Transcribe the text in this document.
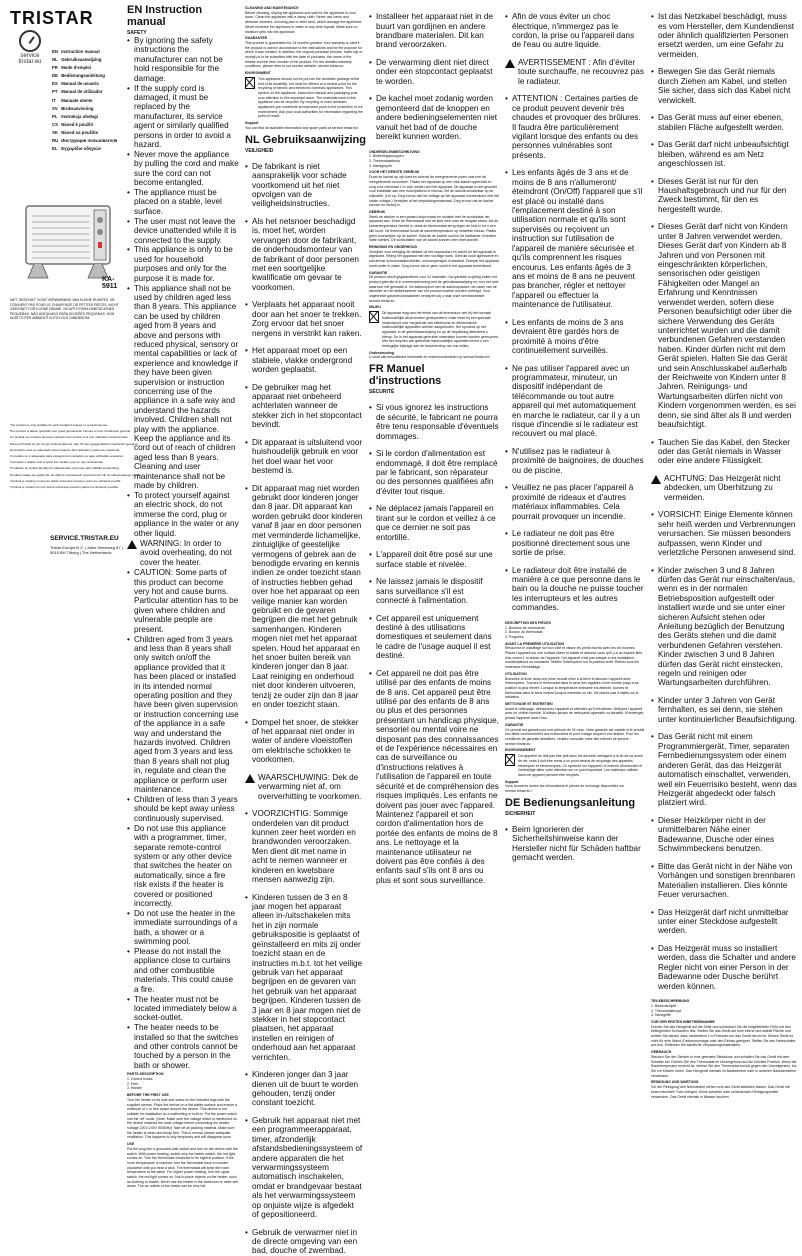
TRISTAR
service
tristar.eu
EN Instruction manual
NL Gebruiksaanwijzing
FR Mode d'emploi
DE Bedienungsanleitung
ES Manual de usuario
PT Manual de utilizador
IT Manuale utente
SV Bruksanvisning
PL Instrukcja obsługi
CS Návod k použití
SK Návod na použitie
RU Инструкция пользователя
EL Εγχειρίδιο οδηγιών
KA-5911
NIET GESCHIKT VOOR VERWARMING VAN KLEINE RUIMTES. NE CONVIENT PAS POUR LE CHAUFFAGE DE PETITES PIÈCES. NICHT GEEIGNET FÜR KLEINE RÄUME. NO APTO PARA HABITACIONES PEQUEÑAS. NÃO ADEQUADO PARA DIVISÕES PEQUENAS. NON ADATTO PER AMBIENTI DI PICCOLE DIMENSIONI.

The product is only suitable for well insulated spaces or occasional use.

Het product is alleen geschikt voor goed geïsoleerde ruimtes of voor incidenteel gebruik.

Ce produit ne convient qu'à des espaces bien isolés ou à une utilisation occasionnelle.

Dieses Produkt ist nur für gut isolierte Räume oder für den gelegentlichen Gebrauch geeignet.

El producto solo es adecuado para espacios bien aislados o para uso ocasional.

O produto só é adequado para espaços bem isolados ou para utilização ocasional.

Il prodotto è adatto solo a spazi ben isolati o per un uso occasionale.

Produkten är endast lämplig för välisolerade utrymmen eller tillfällig användning.

Produkt nadaje się wyłącznie do dobrze izolowanych pomieszczeń lub do okazjonalnego użytku.

Výrobek je vhodný pouze pro dobře izolované prostory nebo pro občasné použití.

Výrobok je vhodný len pre dobre izolované priestory alebo na občasné použitie.

SERVICE.TRISTAR.EU
Tristar Europe B.V. | Jules Verneweg 87 | 5015 BH Tilburg | The Netherlands
EN Instruction manual
SAFETY

• By ignoring the safety instructions the manufacturer can not be hold responsible for the damage.

• If the supply cord is damaged, it must be replaced by the manufacturer, its service agent or similarly qualified persons in order to avoid a hazard.

• Never move the appliance by pulling the cord and make sure the cord can not become entangled.

• The appliance must be placed on a stable, level surface.

• The user must not leave the device unattended while it is connected to the supply.

• This appliance is only to be used for household purposes and only for the purpose it is made for.

• This appliance shall not be used by children aged less than 8 years. This appliance can be used by children aged from 8 years and above and persons with reduced physical, sensory or mental capabilities or lack of experience and knowledge if they have been given supervision or instruction concerning use of the appliance in a safe way and understand the hazards involved. Children shall not play with the appliance. Keep the appliance and its cord out of reach of children aged less than 8 years. Cleaning and user maintenance shall not be made by children.

• To protect yourself against an electric shock, do not immerse the cord, plug or appliance in the water or any other liquid.

WARNING: In order to avoid overheating, do not cover the heater.

• CAUTION: Some parts of this product can become very hot and cause burns. Particular attention has to be given where children and vulnerable people are present.

• Children aged from 3 years and less than 8 years shall only switch on/off the appliance provided that it has been placed or installed in its intended normal operating position and they have been given supervision or instruction concerning use of the appliance in a safe way and understand the hazards involved. Children aged from 3 years and less than 8 years shall not plug in, regulate and clean the appliance or perform user maintenance.

• Children of less than 3 years should be kept away unless continuously supervised.

• Do not use this appliance with a programmer, timer, separate remote-control system or any other device that switches the heater on automatically, since a fire risk exists if the heater is covered or positioned incorrectly.

• Do not use the heater in the immediate surroundings of a bath, a shower or a swimming pool.

• Please do not install the appliance close to curtains and other combustible materials. This could cause a fire.

• The heater must not be located immediately below a socket-outlet.

• The heater needs to be installed so that the switches and other controls cannot be touched by a person in the bath or shower.

PARTS DESCRIPTION
1. Control knobs
2. Feet
3. Handle
BEFORE THE FIRST USE
Turn the heater on its side and screw on the included legs with the supplied screws. Place the device on a flat stable surface and ensure a minimum of 1 m free space around the device. This device is not suitable for installation on a wall/ceiling or built-in. Put the power switch into the 'off' mode. (Note: Make sure the voltage which is mentioned on the device matches the local voltage before connecting the heater. Voltage 220V-240V 50/60Hz) Take off all packing material. Make sure the heater is clean and dusty-free. This is normal, please adequate ventilation. This happens is only temporary and will disappear soon.
USE
Put the plug into a grounded wall socket and turn on the device with the switch. With power heating, switch only the heater switch, the red light comes on. Turn the thermostat clockwise to its highest position. If the room temperature is reached, turn the thermostat back to counter clockwise until you hear a click. The thermostat will keep the room temperature at the same. For higher power heating, turn the upper switch, the red light comes on. Not to place objects on the heater, such as clothing or towels. Never use the heater in the bathroom or other wet areas. The air outlets of the heater can be very hot.
CLEANING AND MAINTENANCE
Before cleaning, unplug the appliance and wait for the appliance to cool down. Clean the appliance with a damp cloth. Never use harsh and abrasive cleaners, scouring pad or steel wool, which damage the appliance. Never immerse the appliance in water or any other liquids. Make sure no moisture gets into the appliance.
GUARANTEE
This product is guaranteed for 24 months granted. Your warranty is valid if the product is used in accordance to the instructions and for the purpose for which it was created. In addition, the original purchase (invoice, sales slip or receipt) is to be submitted with the date of purchase, the name of the retailer and the item number of the product. For the detailed warranty conditions, please refer to our service website: service.tristar.eu
ENVIRONMENT
This appliance should not be put into the domestic garbage at the end of its durability, but must be offered at a central point for the recycling of electric and electronic domestic appliances. This symbol on the appliance, instruction manual and packaging puts your attention to this important issue. The materials used in this appliance can be recycled. By recycling of used domestic appliances you contribute an important push to the protection of our environment. Ask your local authorities for information regarding the point of recall.
Support
You can find all available information and spare parts at service.tristar.eu!
NL Gebruiksaanwijzing
VEILIGHEID

• De fabrikant is niet aansprakelijk voor schade voortkomend uit het niet opvolgen van de veiligheidsinstructies.

• Als het netsnoer beschadigd is, moet het, worden vervangen door de fabrikant, de onderhoudsmonteur van de fabrikant of door personen met een soortgelijke kwalificatie om gevaar te voorkomen.

• Verplaats het apparaat nooit door aan het snoer te trekken. Zorg ervoor dat het snoer nergens in verstrikt kan raken.

• Het apparaat moet op een stabiele, vlakke ondergrond worden geplaatst.

• De gebruiker mag het apparaat niet onbeheerd achterlaten wanneer de stekker zich in het stopcontact bevindt.

• Dit apparaat is uitsluitend voor huishoudelijk gebruik en voor het doel waar het voor bestemd is.

• Dit apparaat mag niet worden gebruikt door kinderen jonger dan 8 jaar. Dit apparaat kan worden gebruikt door kinderen vanaf 8 jaar en door personen met verminderde lichamelijke, zintuiglijke of geestelijke vermogens of gebrek aan de benodigde ervaring en kennis indien ze onder toezicht staan of instructies hebben gehad over hoe het apparaat op een veilige manier kan worden gebruikt en de gevaren begrijpen die met het gebruik samenhangen. Kinderen mogen niet met het apparaat spelen. Houd het apparaat en het snoer buiten bereik van kinderen jonger dan 8 jaar. Laat reiniging en onderhoud niet door kinderen uitvoeren, tenzij ze ouder zijn dan 8 jaar en onder toezicht staan.

• Dompel het snoer, de stekker of het apparaat niet onder in water of andere vloeistoffen om elektrische schokken te voorkomen.

WAARSCHUWING: Dek de verwarming niet af, om oververhitting te voorkomen.

• VOORZICHTIG: Sommige onderdelen van dit product kunnen zeer heet worden en brandwonden veroorzaken. Men dient dit met name in acht te nemen wanneer er kinderen en kwetsbare mensen aanwezig zijn.

• Kinderen tussen de 3 en 8 jaar mogen het apparaat alleen in-/uitschakelen mits het in zijn normale gebruikspositie is geplaatst of geïnstalleerd en mits zij onder toezicht staan en de instructies m.b.t. tot het veilige gebruik van het apparaat begrijpen en de gevaren van het gebruik van het apparaat begrijpen. Kinderen tussen de 3 jaar en 8 jaar mogen niet de stekker in het stopcontact plaatsen, het apparaat instellen en reinigen of onderhoud aan het apparaat verrichten.

• Kinderen jonger dan 3 jaar dienen uit de buurt te worden gehouden, tenzij onder constant toezicht.

• Gebruik het apparaat niet met een programmeerapparaat, timer, afzonderlijk afstandsbedieningssysteem of andere apparaten die het verwarmingssysteem automatisch inschakelen, omdat er brandgevaar bestaat als het verwarmingssysteem op onjuiste wijze is afgedekt of gepositioneerd.

• Gebruik de verwarmer niet in de directe omgeving van een bad, douche of zwembad.

• Installeer het apparaat niet in de buurt van gordijnen en andere brandbare materialen. Dit kan brand veroorzaken.

• De verwarming dient niet direct onder een stopcontact geplaatst te worden.

• De kachel moet zodanig worden gemonteerd dat de knoppen en andere bedieningselementen niet vanuit het bad of de douche bereikt kunnen worden.

ONDERDELENBESCHRIJVING
1. Bedieningsknoppen
2. Thermostaatknop
3. Handgrepen
VOOR HET EERSTE GEBRUIK
Draai de kachel op zijn kant en schroef de meegeleverde poten vast met de meegeleverde schroeven. Plaats het apparaat op een vlak stabiel oppervlak en zorg voor minimaal 1 m vrije ruimte rond het apparaat. Dit apparaat is niet geschikt voor installatie aan een muur/plafond of inbouw. Zet de aan/uit-schakelaar op de uitpositie. (Let op: Zorg ervoor dat het voltage op het apparaat overeenkomt met het lokale voltage.) Verwijder al het verpakkingsmateriaal. Zorg ervoor dat de kachel schoon en stofvrij is.
GEBRUIK
Steek de stekker in een geaard stopcontact en schakel met de schakelaar het apparaat aan. Draai de thermostaat met de klok mee naar de hoogste stand. Als de kamertemperatuur bereikt is, draai de thermostaat terug tegen de klok in tot u een klik hoort. De thermostaat houdt de kamertemperatuur op hetzelfde niveau. Plaats geen voorwerpen op de kachel. Gebruik de kachel nooit in de badkamer of andere natte ruimtes. De luchtuitlaten van de kachel kunnen zeer heet worden.
REINIGING EN ONDERHOUD
Verwijder voor reiniging de stekker uit het stopcontact en wacht tot het apparaat is afgekoeld. Reinig het apparaat met een vochtige doek. Gebruik nooit agressieve en schurende schoonmaakmiddelen, schuursponsjes of staalwol. Dompel het apparaat nooit onder in water. Zorg ervoor dat er geen vocht in het apparaat terechtkomt.
GARANTIE
Dit product wordt gegarandeerd voor 24 maanden. Uw garantie is geldig indien het product gebruikt is in overeenstemming met de gebruiksaanwijzing en voor het doel waarvoor het gemaakt is. De aankoopbon met de aankoopdatum, de naam van de winkelier en het artikelnummer van het product moeten worden overlegd. Voor uitgebreide garantievoorwaarden verwijzen wij u naar onze servicewebsite: service.tristar.eu
MILIEU
Dit apparaat mag aan het einde van de levensduur niet bij het normale huishoudelijke afval worden gedeponeerd, maar moet bij een speciaal inzamelpunt voor hergebruik van elektrische en elektronische huishoudelijke apparaten worden aangeboden. Het symbool op het apparaat, in de gebruiksaanwijzing en op de verpakking attendeert u hierop. De in het apparaat gebruikte materialen kunnen worden gerecycled. Met het recyclen van gebruikte huishoudelijke apparaten levert u een belangrijke bijdrage aan de bescherming van ons milieu.
Ondersteuning
U vindt alle beschikbare informatie en reserveonderdelen op service.tristar.eu!
FR Manuel d'instructions
SÉCURITÉ

• Si vous ignorez les instructions de sécurité, le fabricant ne pourra être tenu responsable d'éventuels dommages.

• Si le cordon d'alimentation est endommagé, il doit être remplacé par le fabricant, son réparateur ou des personnes qualifiées afin d'éviter tout risque.

• Ne déplacez jamais l'appareil en tirant sur le cordon et veillez à ce que ce dernier ne soit pas entortillé.

• L'appareil doit être posé sur une surface stable et nivelée.

• Ne laissez jamais le dispositif sans surveillance s'il est connecté à l'alimentation.

• Cet appareil est uniquement destiné à des utilisations domestiques et seulement dans le cadre de l'usage auquel il est destiné.

• Cet appareil ne doit pas être utilisé par des enfants de moins de 8 ans. Cet appareil peut être utilisé par des enfants de 8 ans ou plus et des personnes présentant un handicap physique, sensoriel ou mental voire ne disposant pas des connaissances et de l'expérience nécessaires en cas de surveillance ou d'instructions relatives à l'utilisation de l'appareil en toute sécurité et de compréhension des risques impliqués. Les enfants ne doivent pas jouer avec l'appareil. Maintenez l'appareil et son cordon d'alimentation hors de portée des enfants de moins de 8 ans. Le nettoyage et la maintenance utilisateur ne doivent pas être confiés à des enfants sauf s'ils ont 8 ans ou plus et sont sous surveillance.

• Afin de vous éviter un choc électrique, n'immergez pas le cordon, la prise ou l'appareil dans de l'eau ou autre liquide.

AVERTISSEMENT : Afin d'éviter toute surchauffe, ne recouvrez pas le radiateur.

• ATTENTION : Certaines parties de ce produit peuvent devenir très chaudes et provoquer des brûlures. Il faudra être particulièrement vigilant lorsque des enfants ou des personnes vulnérables sont présents.

• Les enfants âgés de 3 ans et de moins de 8 ans n'allumeront/éteindront (On/Off) l'appareil que s'il est placé ou installé dans l'emplacement destiné à son utilisation normale et qu'ils sont supervisés ou reçoivent un instruction sur l'utilisation de l'appareil de manière sécurisée et qu'ils comprennent les risques encourus. Les enfants âgés de 3 ans et moins de 8 ans ne peuvent pas brancher, régler et nettoyer l'appareil ou effectuer la maintenance de l'utilisateur.

• Les enfants de moins de 3 ans devraient être gardés hors de proximité à moins d'être continuellement surveillés.

• Ne pas utiliser l'appareil avec un programmateur, minuteur, un dispositif indépendant de télécommande ou tout autre appareil qui met automatiquement en marche le radiateur, car il y a un risque d'incendie si le radiateur est recouvert ou mal placé.

• N'utilisez pas le radiateur à proximité de baignoires, de douches ou de piscine.

• Veuillez ne pas placer l'appareil à proximité de rideaux et d'autres matériaux inflammables. Cela pourrait provoquer un incendie.

• Le radiateur ne doit pas être positionné directement sous une sortie de prise.

• Le radiateur doit être installé de manière à ce que personne dans le bain ou la douche ne puisse toucher les interrupteurs et les autres commandes.

DESCRIPTION DES PIÈCES
1. Boutons de commande
2. Bouton du thermostat
3. Poignées
AVANT LA PREMIÈRE UTILISATION
Retournez le chauffage sur son côté et vissez les pieds fournis avec les vis fournies. Placez l'appareil sur une surface plane et stable et assurez-vous qu'il y a un espace libre d'au moins 1 m autour de l'appareil. Cet appareil n'est pas adapté à une installation murale/plafond ou encastrée. Mettez l'interrupteur sur la position arrêt. Retirez tous les matériaux d'emballage.
UTILISATION
Branchez la fiche dans une prise murale mise à la terre et allumez l'appareil avec l'interrupteur. Tournez le thermostat dans le sens des aiguilles d'une montre jusqu'à sa position la plus élevée. Lorsque la température ambiante est atteinte, tournez le thermostat dans le sens inverse jusqu'à entendre un clic. Ne placez pas d'objets sur le radiateur.
NETTOYAGE ET ENTRETIEN
Avant le nettoyage, débranchez l'appareil et attendez qu'il refroidisse. Nettoyez l'appareil avec un chiffon humide. N'utilisez jamais de nettoyants agressifs ou abrasifs. N'immergez jamais l'appareil dans l'eau.
GARANTIE
Ce produit est garanti pour une période de 24 mois. Votre garantie est valable si le produit est utilisé conformément aux instructions et pour l'usage auquel il est destiné. Pour les conditions de garantie détaillées, veuillez consulter notre site internet de service : service.tristar.eu
ENVIRONNEMENT
Cet appareil ne doit pas être jeté avec les déchets ménagers à la fin de sa durée de vie, mais il doit être remis à un point central de recyclage des appareils électriques et électroniques. Ce symbole sur l'appareil, le manuel d'instruction et l'emballage attire votre attention sur ce point important. Les matériaux utilisés dans cet appareil peuvent être recyclés.
Support
Vous trouverez toutes les informations et pièces de rechange disponibles sur service.tristar.eu !
DE Bedienungsanleitung
SICHERHEIT

• Beim Ignorieren der Sicherheitshinweise kann der Hersteller nicht für Schäden haftbar gemacht werden.

• Ist das Netzkabel beschädigt, muss es vom Hersteller, dem Kundendienst oder ähnlich qualifizierten Personen ersetzt werden, um eine Gefahr zu vermeiden.

• Bewegen Sie das Gerät niemals durch Ziehen am Kabel, und stellen Sie sicher, dass sich das Kabel nicht verwickelt.

• Das Gerät muss auf einer ebenen, stabilen Fläche aufgestellt werden.

• Das Gerät darf nicht unbeaufsichtigt bleiben, während es am Netz angeschlossen ist.

• Dieses Gerät ist nur für den Haushaltsgebrauch und nur für den Zweck bestimmt, für den es hergestellt wurde.

• Dieses Gerät darf nicht von Kindern unter 8 Jahren verwendet werden. Dieses Gerät darf von Kindern ab 8 Jahren und von Personen mit eingeschränkten körperlichen, sensorischen oder geistigen Fähigkeiten oder Mangel an Erfahrung und Kenntnissen verwendet werden, sofern diese Personen beaufsichtigt oder über die sichere Verwendung des Geräts unterrichtet wurden und die damit verbundenen Gefahren verstanden haben. Kinder dürfen nicht mit dem Gerät spielen. Halten Sie das Gerät und sein Anschlusskabel außerhalb der Reichweite von Kindern unter 8 Jahren. Reinigungs- und Wartungsarbeiten dürfen nicht von Kindern vorgenommen werden, es sei denn, sie sind älter als 8 und werden beaufsichtigt.

• Tauchen Sie das Kabel, den Stecker oder das Gerät niemals in Wasser oder eine andere Flüssigkeit.

ACHTUNG: Das Heizgerät nicht abdecken, um Überhitzung zu vermeiden.

• VORSICHT: Einige Elemente können sehr heiß werden und Verbrennungen verursachen. Sie müssen besonders aufpassen, wenn Kinder und verletzliche Personen anwesend sind.

• Kinder zwischen 3 und 8 Jahren dürfen das Gerät nur einschalten/aus, wenn es in der normalen Betriebsposition aufgestellt oder installiert wurde und sie unter einer sicheren Aufsicht stehen oder Anleitung bezüglich der Benutzung des Geräts stehen und die damit verbundenen Gefahren verstehen. Kinder zwischen 3 und 8 Jahren dürfen das Gerät nicht einstecken, regeln und reinigen oder Wartungsarbeiten durchführen.

• Kinder unter 3 Jahren von Gerät fernhalten, es sei denn, sie stehen unter kontinuierlicher Beaufsichtigung.

• Das Gerät nicht mit einem Programmiergerät, Timer, separaten Fernbedienungssystem oder einem anderen Gerät, das das Heizgerät automatisch einschaltet, verwenden, weil ein Feuerrisiko besteht, wenn das Heizgerät abgedeckt oder falsch platziert wird.

• Dieser Heizkörper nicht in der unmittelbaren Nähe einer Badewanne, Dusche oder eines Schwimmbeckens benutzen.

• Bitte das Gerät nicht in der Nähe von Vorhängen und sonstigen brennbaren Materialien installieren. Dies könnte Feuer verursachen.

• Das Heizgerät darf nicht unmittelbar unter einer Steckdose aufgestellt werden.

• Das Heizgerät muss so installiert werden, dass die Schalter und andere Regler nicht von einer Person in der Badewanne oder Dusche berührt werden können.

TEILEBESCHREIBUNG
1. Bedienknöpfe
2. Thermostatknopf
3. Handgriffe
VOR DER ERSTEN INBETRIEBNAHME
Drehen Sie das Heizgerät auf die Seite und schrauben Sie die mitgelieferten Füße mit den beiliegenden Schrauben fest. Stellen Sie das Gerät auf eine ebene und stabile Fläche und achten Sie darauf, dass mindestens 1 m Freiraum um das Gerät herum ist. Dieses Gerät ist nicht für eine Wand-/Deckenmontage oder den Einbau geeignet. Stellen Sie den Netzschalter auf Aus. Entfernen Sie sämtliche Verpackungsmaterialien.
GEBRAUCH
Stecken Sie den Stecker in eine geerdete Steckdose und schalten Sie das Gerät mit dem Schalter ein. Drehen Sie den Thermostat im Uhrzeigersinn auf die höchste Position. Wenn die Raumtemperatur erreicht ist, drehen Sie den Thermostat zurück gegen den Uhrzeigersinn, bis Sie ein Klicken hören. Das Heizgerät niemals im Badezimmer oder in anderen Nassbereichen verwenden.
REINIGUNG UND WARTUNG
Vor der Reinigung den Netzstecker ziehen und das Gerät abkühlen lassen. Das Gerät mit einem feuchten Tuch reinigen. Keine scharfen oder scheuernden Reinigungsmittel verwenden. Das Gerät niemals in Wasser tauchen.
